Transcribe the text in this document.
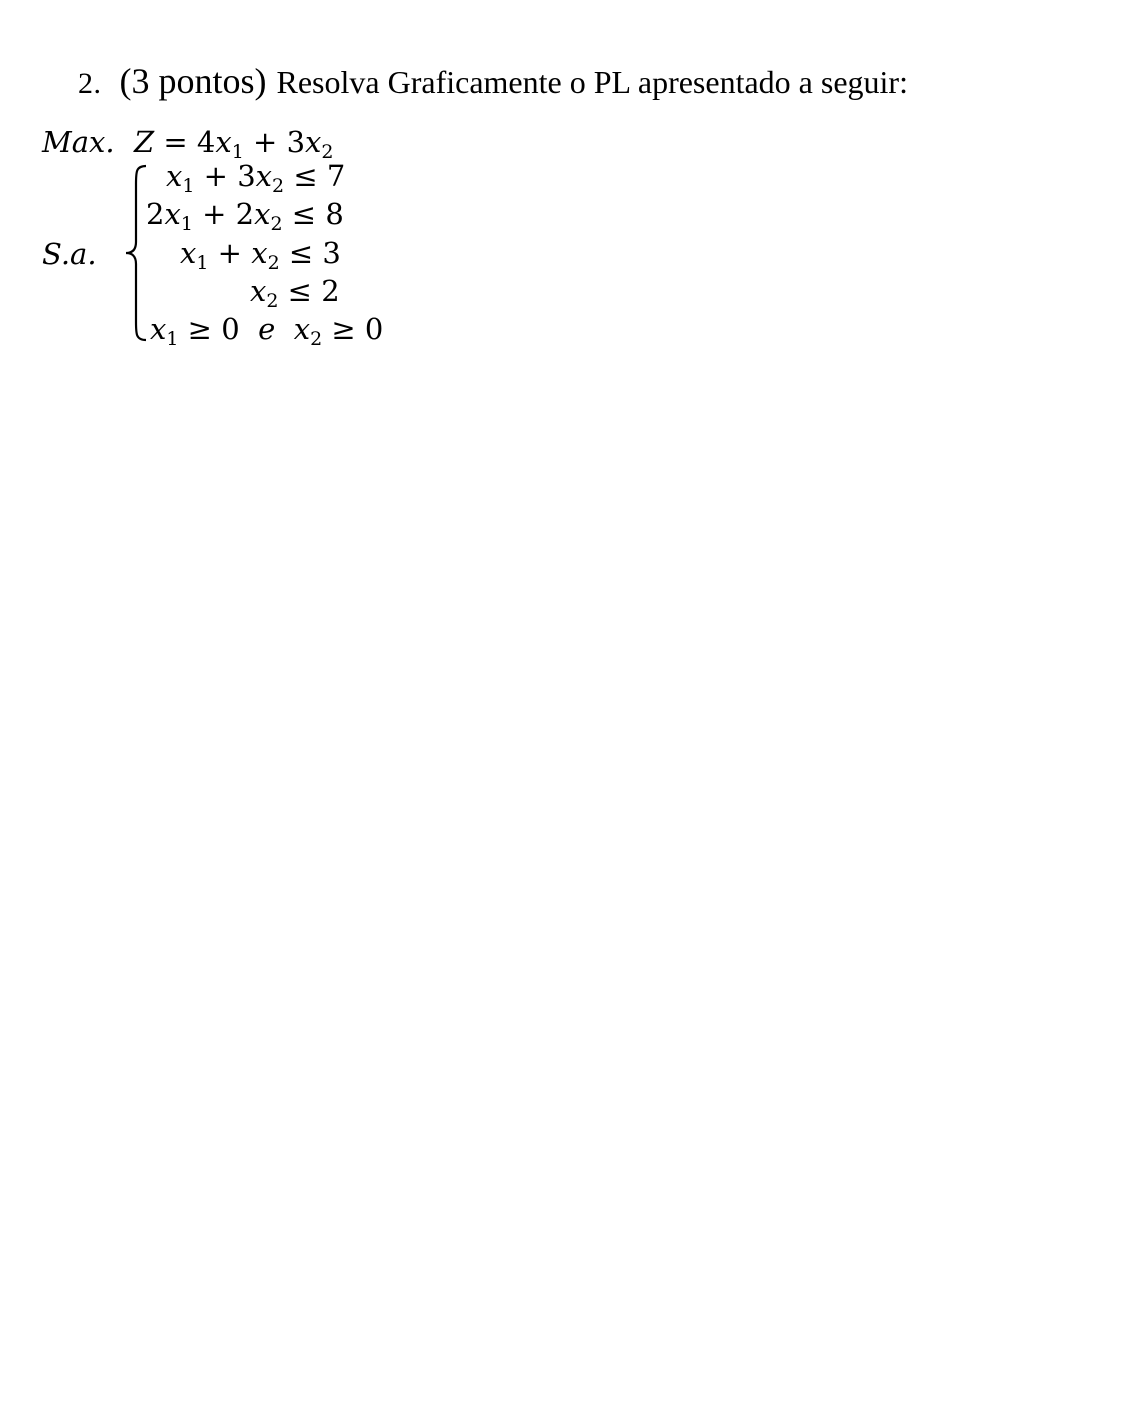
2. (3 pontos) Resolva Graficamente o PL apresentado a seguir:
Max. $Z = 4x_1 + 3x_2$
S.a.
$x_1 + 3x_2 \le 7$
$2x_1 + 2x_2 \le 8$
$x_1 + x_2 \le 3$
$x_2 \le 2$
$x_1 \ge 0$ e $x_2 \ge 0$
